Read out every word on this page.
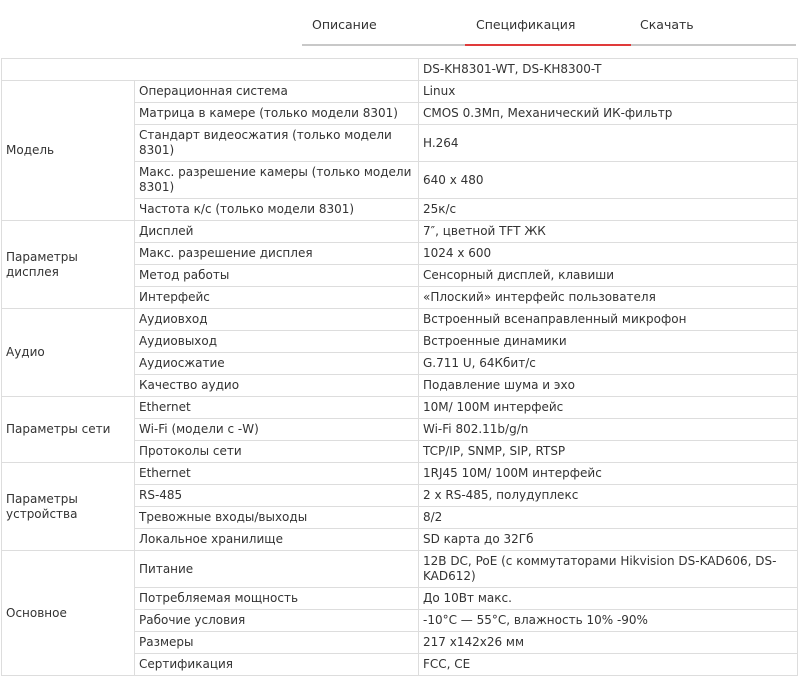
Описание	Спецификация	Скачать
		DS-KH8301-WT, DS-KH8300-T
Модель	Операционная система	Linux
	Матрица в камере (только модели 8301)	CMOS 0.3Мп, Механический ИК-фильтр
	Стандарт видеосжатия (только модели 8301)	H.264
	Макс. разрешение камеры (только модели 8301)	640 x 480
	Частота к/с (только модели 8301)	25к/с
Параметры дисплея	Дисплей	7″, цветной TFT ЖК
	Макс. разрешение дисплея	1024 x 600
	Метод работы	Сенсорный дисплей, клавиши
	Интерфейс	«Плоский» интерфейс пользователя
Аудио	Аудиовход	Встроенный всенаправленный микрофон
	Аудиовыход	Встроенные динамики
	Аудиосжатие	G.711 U, 64Кбит/с
	Качество аудио	Подавление шума и эхо
Параметры сети	Ethernet	10M/ 100M интерфейс
	Wi-Fi (модели с -W)	Wi-Fi 802.11b/g/n
	Протоколы сети	TCP/IP, SNMP, SIP, RTSP
Параметры устройства	Ethernet	1RJ45 10M/ 100M интерфейс
	RS-485	2 x RS-485, полудуплекс
	Тревожные входы/выходы	8/2
	Локальное хранилище	SD карта до 32Гб
Основное	Питание	12В DC, PoE (с коммутаторами Hikvision DS-KAD606, DS-KAD612)
	Потребляемая мощность	До 10Вт макс.
	Рабочие условия	-10°C — 55°C, влажность 10% -90%
	Размеры	217 x142x26 мм
	Сертификация	FCC, CE
